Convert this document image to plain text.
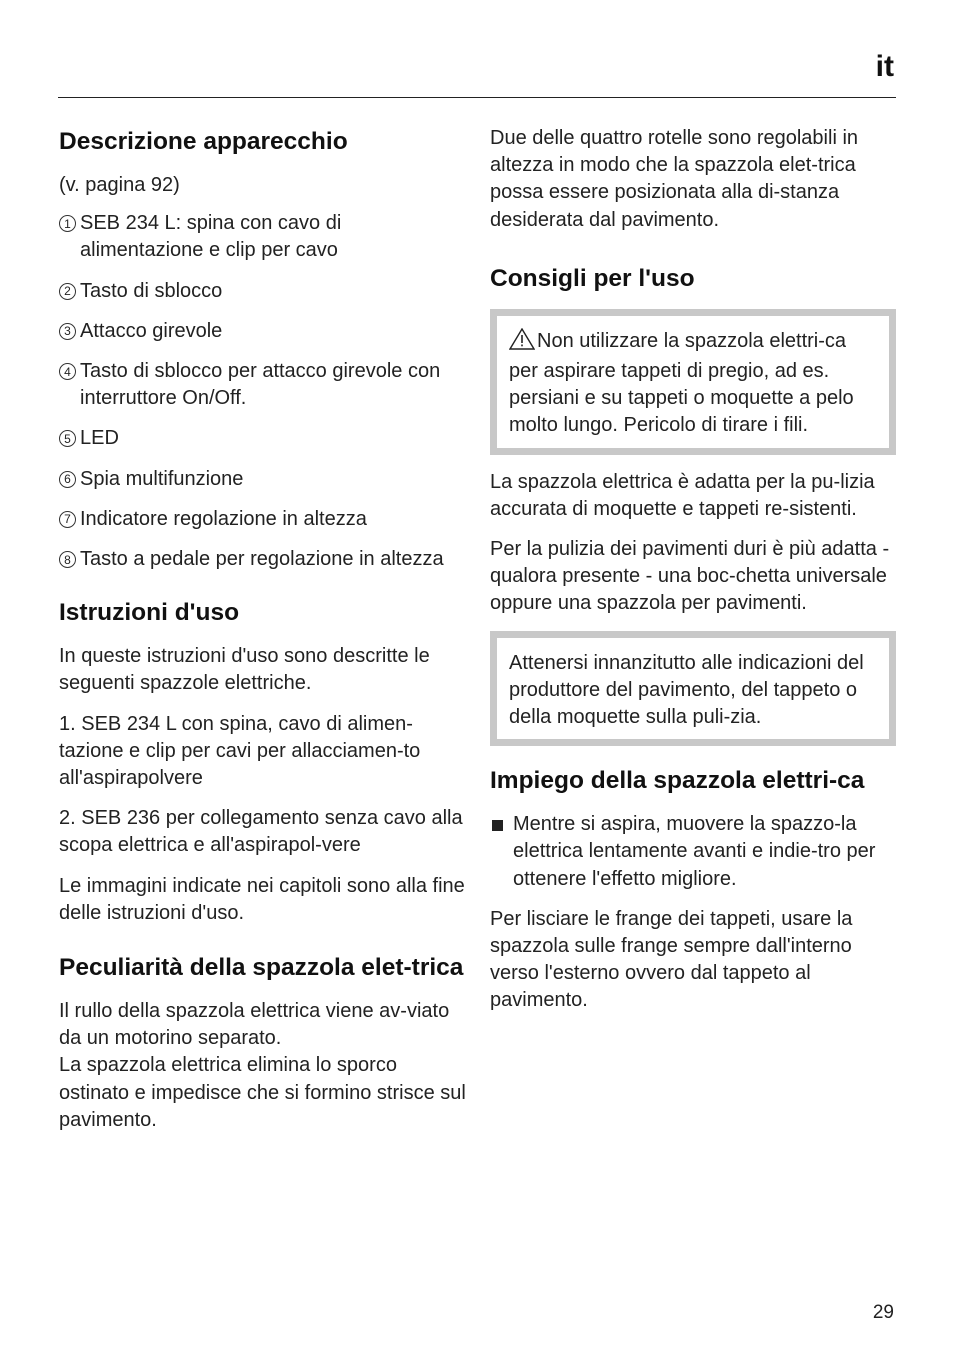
it
Descrizione apparecchio

(v. pagina 92)

1 SEB 234 L: spina con cavo di alimentazione e clip per cavo
2 Tasto di sblocco
3 Attacco girevole
4 Tasto di sblocco per attacco girevole con interruttore On/Off.
5 LED
6 Spia multifunzione
7 Indicatore regolazione in altezza
8 Tasto a pedale per regolazione in altezza
Istruzioni d'uso

In queste istruzioni d'uso sono descritte le seguenti spazzole elettriche.

1. SEB 234 L con spina, cavo di alimen-tazione e clip per cavi per allacciamen-to all'aspirapolvere

2. SEB 236 per collegamento senza cavo alla scopa elettrica e all'aspirapol-vere

Le immagini indicate nei capitoli sono alla fine delle istruzioni d'uso.

Peculiarità della spazzola elet-trica

Il rullo della spazzola elettrica viene av-viato da un motorino separato.

La spazzola elettrica elimina lo sporco ostinato e impedisce che si formino strisce sul pavimento.

Due delle quattro rotelle sono regolabili in altezza in modo che la spazzola elet-trica possa essere posizionata alla di-stanza desiderata dal pavimento.

Consigli per l'uso

Non utilizzare la spazzola elettri-ca per aspirare tappeti di pregio, ad es. persiani e su tappeti o moquette a pelo molto lungo. Pericolo di tirare i fili.

La spazzola elettrica è adatta per la pu-lizia accurata di moquette e tappeti re-sistenti.

Per la pulizia dei pavimenti duri è più adatta - qualora presente - una boc-chetta universale oppure una spazzola per pavimenti.

Attenersi innanzitutto alle indicazioni del produttore del pavimento, del tappeto o della moquette sulla puli-zia.

Impiego della spazzola elettri-ca
Mentre si aspira, muovere la spazzo-la elettrica lentamente avanti e indie-tro per ottenere l'effetto migliore.

Per lisciare le frange dei tappeti, usare la spazzola sulle frange sempre dall'interno verso l'esterno ovvero dal tappeto al pavimento.

29
